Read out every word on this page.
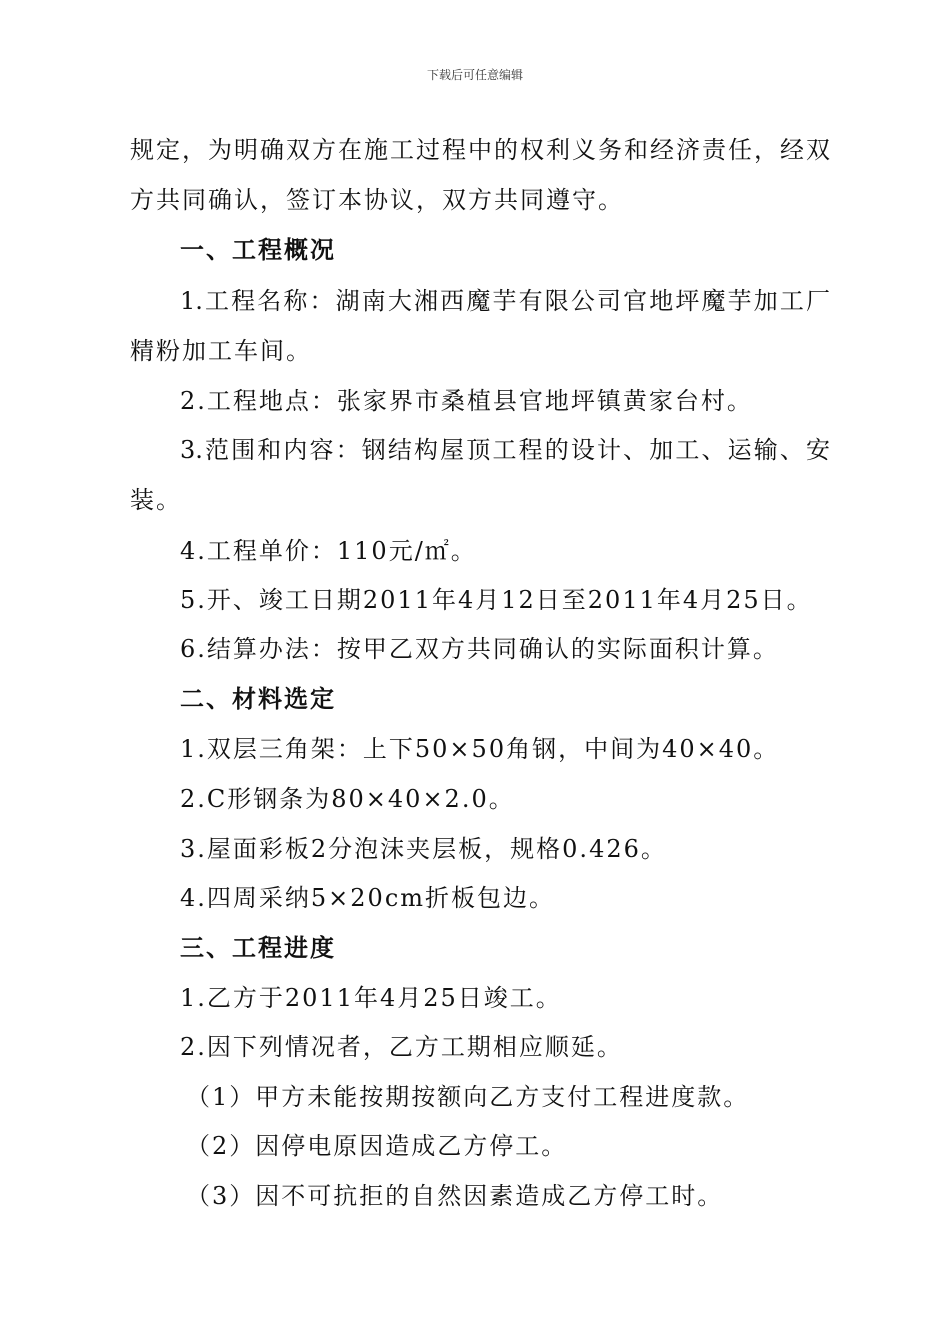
下载后可任意编辑
规定，为明确双方在施工过程中的权利义务和经济责任，经双
方共同确认，签订本协议，双方共同遵守。
一、工程概况
1.工程名称：湖南大湘西魔芋有限公司官地坪魔芋加工厂
精粉加工车间。
2.工程地点：张家界市桑植县官地坪镇黄家台村。
3.范围和内容：钢结构屋顶工程的设计、加工、运输、安
装。
4.工程单价：110元/㎡。
5.开、竣工日期2011年4月12日至2011年4月25日。
6.结算办法：按甲乙双方共同确认的实际面积计算。
二、材料选定
1.双层三角架：上下50×50角钢，中间为40×40。
2.C形钢条为80×40×2.0。
3.屋面彩板2分泡沫夹层板，规格0.426。
4.四周采纳5×20cm折板包边。
三、工程进度
1.乙方于2011年4月25日竣工。
2.因下列情况者，乙方工期相应顺延。
（1）甲方未能按期按额向乙方支付工程进度款。
（2）因停电原因造成乙方停工。
（3）因不可抗拒的自然因素造成乙方停工时。
